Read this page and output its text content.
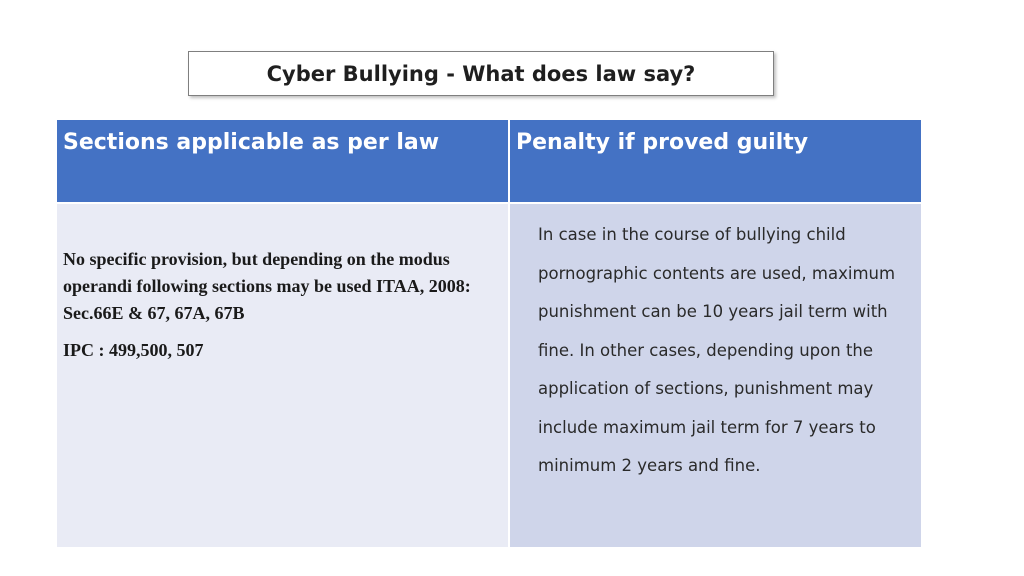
Cyber Bullying - What does law say?
Sections applicable as per law	Penalty if proved guilty

No specific provision, but depending on the modus operandi following sections may be used ITAA, 2008: Sec.66E & 67, 67A, 67B

IPC : 499,500, 507

In case in the course of bullying child

pornographic contents are used, maximum

punishment can be 10 years jail term with

fine. In other cases, depending upon the

application of sections, punishment may

include maximum jail term for 7 years to

minimum 2 years and fine.
